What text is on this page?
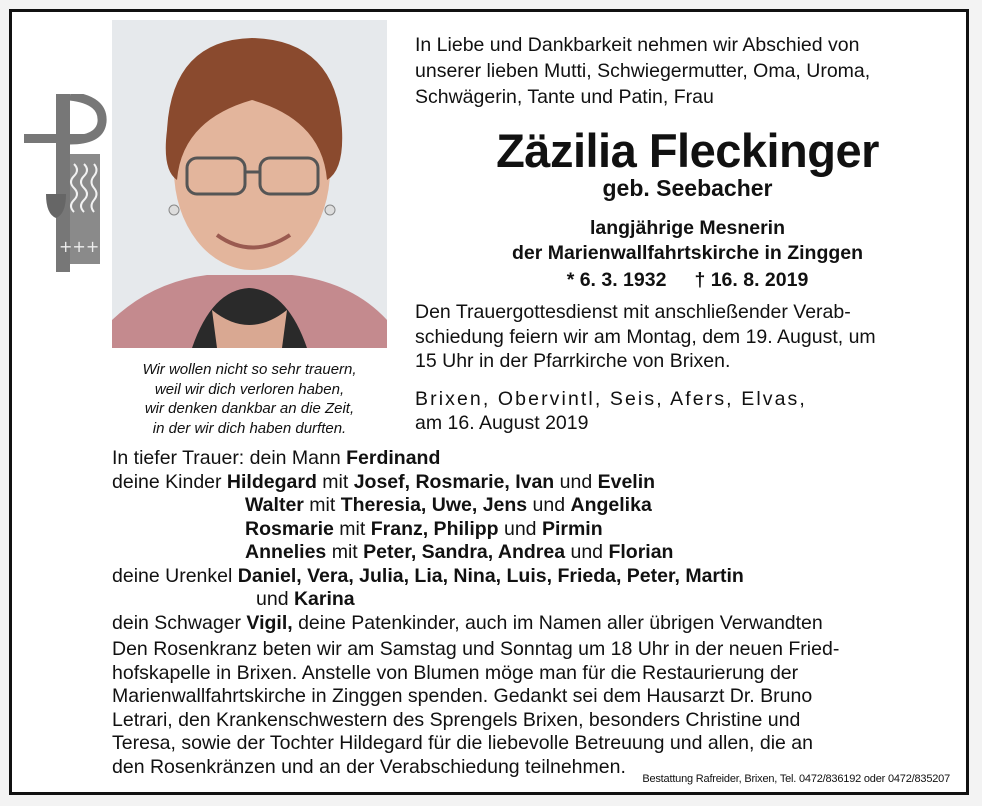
+++
Wir wollen nicht so sehr trauern,
weil wir dich verloren haben,
wir denken dankbar an die Zeit,
in der wir dich haben durften.
In Liebe und Dankbarkeit nehmen wir Abschied von
unserer lieben Mutti, Schwiegermutter, Oma, Uroma,
Schwägerin, Tante und Patin, Frau
Zäzilia Fleckinger
geb. Seebacher
langjährige Mesnerin
der Marienwallfahrtskirche in Zinggen
* 6. 3. 1932 † 16. 8. 2019
Den Trauergottesdienst mit anschließender Verab-
schiedung feiern wir am Montag, dem 19. August, um
15 Uhr in der Pfarrkirche von Brixen.
Brixen, Obervintl, Seis, Afers, Elvas,
am 16. August 2019
In tiefer Trauer: dein Mann Ferdinand
deine Kinder Hildegard mit Josef, Rosmarie, Ivan und Evelin
Walter mit Theresia, Uwe, Jens und Angelika
Rosmarie mit Franz, Philipp und Pirmin
Annelies mit Peter, Sandra, Andrea und Florian
deine Urenkel Daniel, Vera, Julia, Lia, Nina, Luis, Frieda, Peter, Martin
und Karina
dein Schwager Vigil, deine Patenkinder, auch im Namen aller übrigen Verwandten
Den Rosenkranz beten wir am Samstag und Sonntag um 18 Uhr in der neuen Fried-
hofskapelle in Brixen. Anstelle von Blumen möge man für die Restaurierung der
Marienwallfahrtskirche in Zinggen spenden. Gedankt sei dem Hausarzt Dr. Bruno
Letrari, den Krankenschwestern des Sprengels Brixen, besonders Christine und
Teresa, sowie der Tochter Hildegard für die liebevolle Betreuung und allen, die an
den Rosenkränzen und an der Verabschiedung teilnehmen.
Bestattung Rafreider, Brixen, Tel. 0472/836192 oder 0472/835207
